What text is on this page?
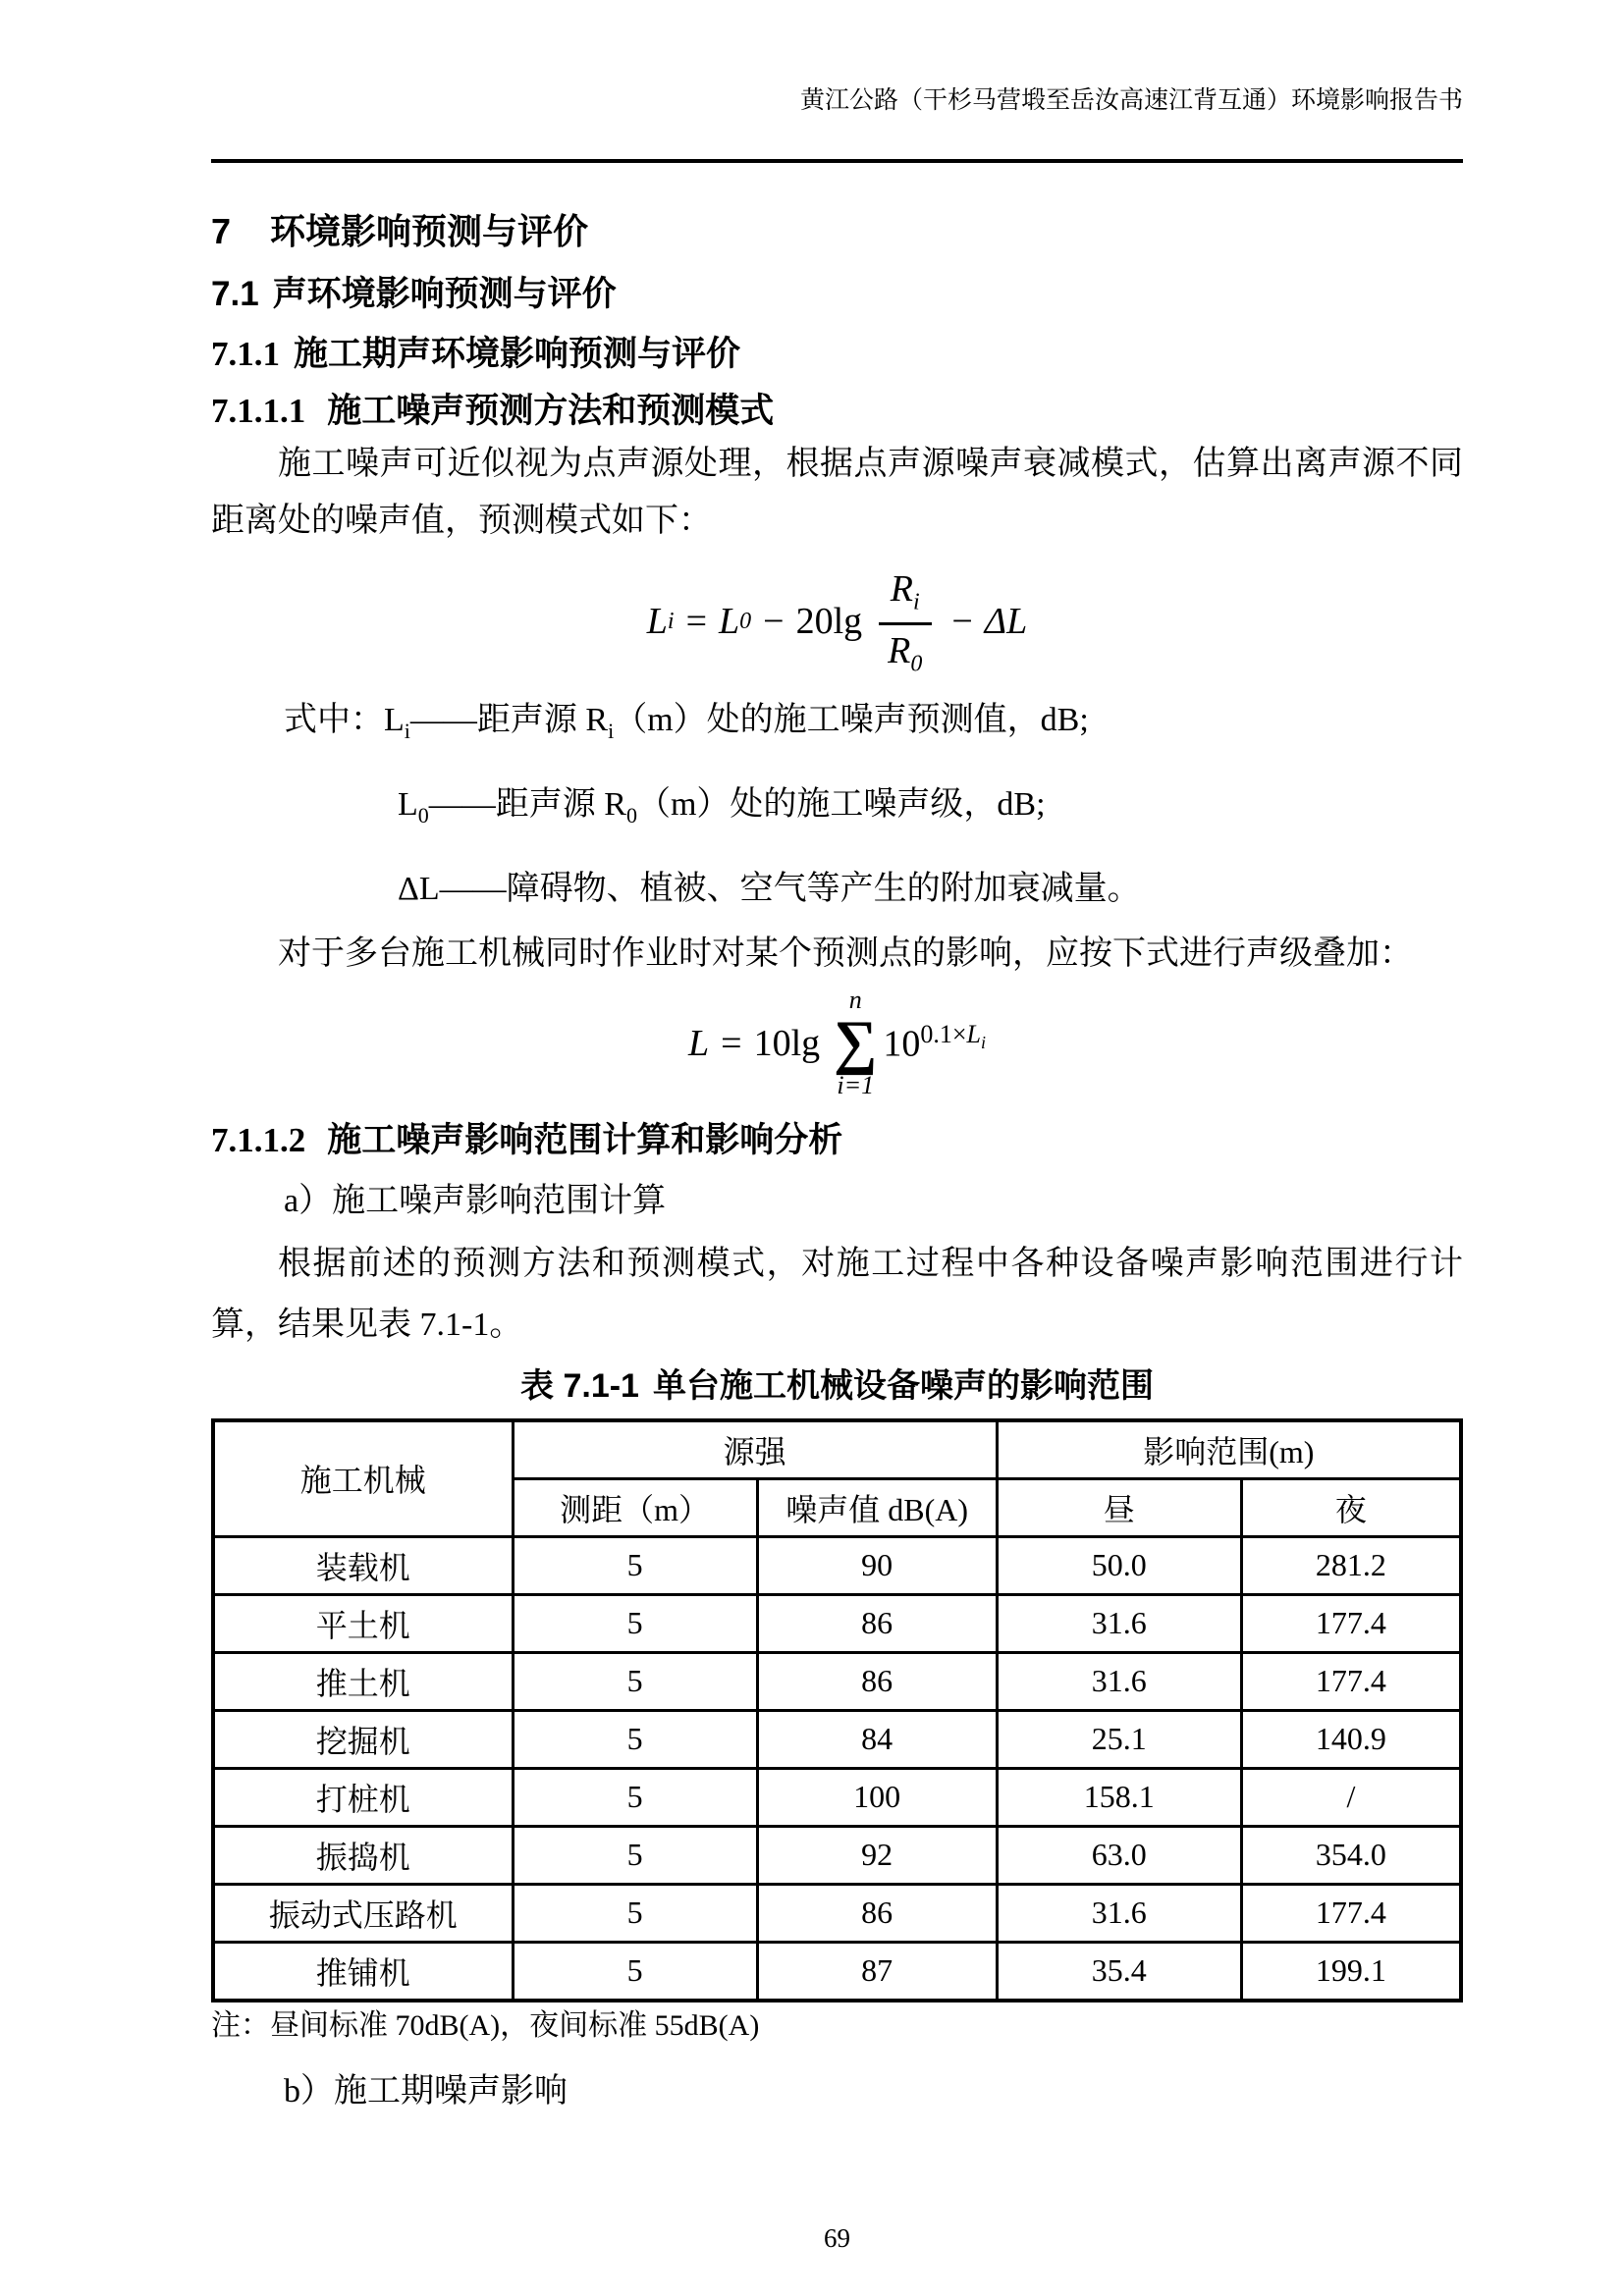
黄江公路（干杉马营塅至岳汝高速江背互通）环境影响报告书
7 环境影响预测与评价
7.1 声环境影响预测与评价
7.1.1 施工期声环境影响预测与评价
7.1.1.1 施工噪声预测方法和预测模式
施工噪声可近似视为点声源处理，根据点声源噪声衰减模式，估算出离声源不同距离处的噪声值，预测模式如下：
L i = L $0 - 20\lg \frac{R_i}{R_0} - \Delta L$
式中：$L_i——$距声源 $R_i(m)$处的施工噪声预测值，dB;
$L_0——$距声源 $R_0(m)$处的施工噪声级，dB;
ΔL——障碍物、植被、空气等产生的附加衰减量。
对于多台施工机械同时作业时对某个预测点的影响，应按下式进行声级叠加：
L = 10lg
n
∑
i=1
$10^{0.1\times L_i}$
7.1.1.2 施工噪声影响范围计算和影响分析
a）施工噪声影响范围计算
根据前述的预测方法和预测模式，对施工过程中各种设备噪声影响范围进行计算，结果见表 7.1-1。
表 7.1-1 单台施工机械设备噪声的影响范围
施工机械	源强		影响范围(m)	
	测距（m）	噪声值 dB(A)	昼	夜
装载机	5	90	50.0	281.2
平土机	5	86	31.6	177.4
推土机	5	86	31.6	177.4
挖掘机	5	84	25.1	140.9
打桩机	5	100	158.1	/
振捣机	5	92	63.0	354.0
振动式压路机	5	86	31.6	177.4
推铺机	5	87	35.4	199.1
注：昼间标准 70dB(A)，夜间标准 55dB(A)
b）施工期噪声影响
69
